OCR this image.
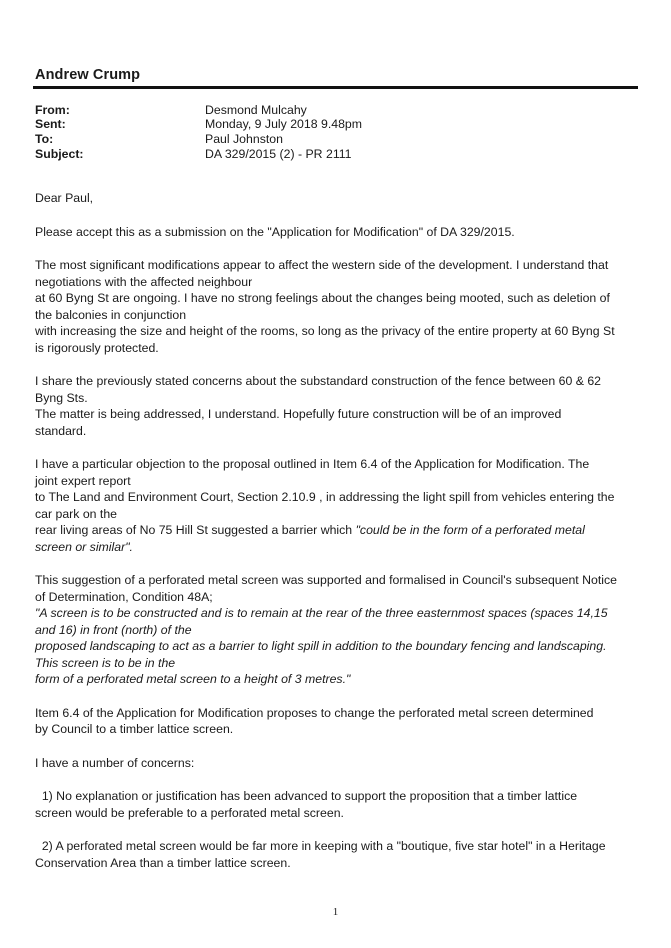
Andrew Crump
From:	Desmond Mulcahy
Sent:	Monday, 9 July 2018 9.48pm
To:	Paul Johnston
Subject:	DA 329/2015 (2) - PR 2111

Dear Paul,

Please accept this as a submission on the "Application for Modification" of DA 329/2015.

The most significant modifications appear to affect the western side of the development. I understand that
negotiations with the affected neighbour
at 60 Byng St are ongoing. I have no strong feelings about the changes being mooted, such as deletion of
the balconies in conjunction
with increasing the size and height of the rooms, so long as the privacy of the entire property at 60 Byng St
is rigorously protected.

I share the previously stated concerns about the substandard construction of the fence between 60 & 62
Byng Sts.
The matter is being addressed, I understand. Hopefully future construction will be of an improved
standard.

I have a particular objection to the proposal outlined in Item 6.4 of the Application for Modification. The
joint expert report
to The Land and Environment Court, Section 2.10.9 , in addressing the light spill from vehicles entering the
car park on the
rear living areas of No 75 Hill St suggested a barrier which "could be in the form of a perforated metal
screen or similar".

This suggestion of a perforated metal screen was supported and formalised in Council's subsequent Notice
of Determination, Condition 48A;
"A screen is to be constructed and is to remain at the rear of the three easternmost spaces (spaces 14,15
and 16) in front (north) of the
proposed landscaping to act as a barrier to light spill in addition to the boundary fencing and landscaping.
This screen is to be in the
form of a perforated metal screen to a height of 3 metres."

Item 6.4 of the Application for Modification proposes to change the perforated metal screen determined
by Council to a timber lattice screen.

I have a number of concerns:

1) No explanation or justification has been advanced to support the proposition that a timber lattice
screen would be preferable to a perforated metal screen.

2) A perforated metal screen would be far more in keeping with a "boutique, five star hotel" in a Heritage
Conservation Area than a timber lattice screen.

1
